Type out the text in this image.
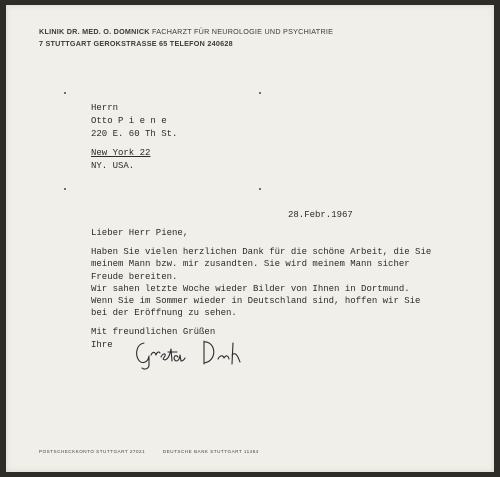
KLINIK DR. MED. O. DOMNICK FACHARZT FÜR NEUROLOGIE UND PSYCHIATRIE
7 STUTTGART GEROKSTRASSE 65 TELEFON 240628
Herrn
Otto P i e n e
220 E. 60 Th St.
New York 22
NY. USA.
28.Febr.1967
Lieber Herr Piene,
Haben Sie vielen herzlichen Dank für die schöne Arbeit, die Sie
meinem Mann bzw. mir zusandten. Sie wird meinem Mann sicher
Freude bereiten.
Wir sahen letzte Woche wieder Bilder von Ihnen in Dortmund.
Wenn Sie im Sommer wieder in Deutschland sind, hoffen wir Sie
bei der Eröffnung zu sehen.
Mit freundlichen Grüßen
Ihre
POSTSCHECKKONTO STUTTGART 27021	DEUTSCHE BANK STUTTGART 11464
